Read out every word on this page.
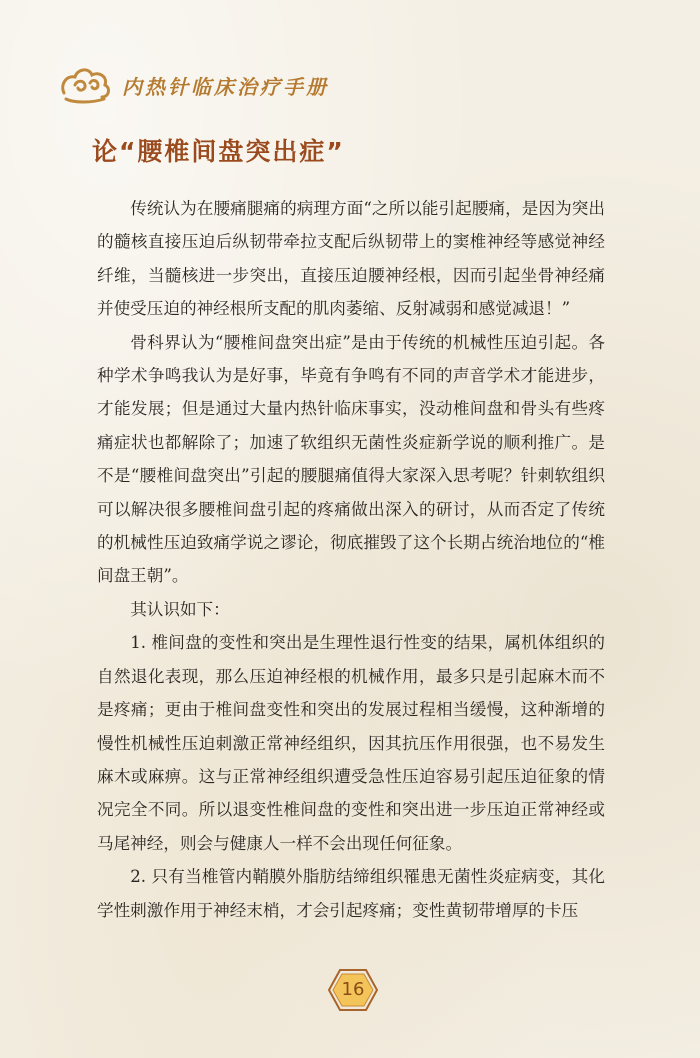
内热针临床治疗手册
论“腰椎间盘突出症”

传统认为在腰痛腿痛的病理方面“之所以能引起腰痛，是因为突出的髓核直接压迫后纵韧带牵拉支配后纵韧带上的窦椎神经等感觉神经纤维，当髓核进一步突出，直接压迫腰神经根，因而引起坐骨神经痛并使受压迫的神经根所支配的肌肉萎缩、反射减弱和感觉减退！”

骨科界认为“腰椎间盘突出症”是由于传统的机械性压迫引起。各种学术争鸣我认为是好事，毕竟有争鸣有不同的声音学术才能进步，才能发展；但是通过大量内热针临床事实，没动椎间盘和骨头有些疼痛症状也都解除了；加速了软组织无菌性炎症新学说的顺利推广。是不是“腰椎间盘突出”引起的腰腿痛值得大家深入思考呢？针刺软组织可以解决很多腰椎间盘引起的疼痛做出深入的研讨，从而否定了传统的机械性压迫致痛学说之谬论，彻底摧毁了这个长期占统治地位的“椎间盘王朝”。

其认识如下：

1. 椎间盘的变性和突出是生理性退行性变的结果，属机体组织的自然退化表现，那么压迫神经根的机械作用，最多只是引起麻木而不是疼痛；更由于椎间盘变性和突出的发展过程相当缓慢，这种渐增的慢性机械性压迫刺激正常神经组织，因其抗压作用很强，也不易发生麻木或麻痹。这与正常神经组织遭受急性压迫容易引起压迫征象的情况完全不同。所以退变性椎间盘的变性和突出进一步压迫正常神经或马尾神经，则会与健康人一样不会出现任何征象。

2. 只有当椎管内鞘膜外脂肪结缔组织罹患无菌性炎症病变，其化学性刺激作用于神经末梢，才会引起疼痛；变性黄韧带增厚的卡压

16
